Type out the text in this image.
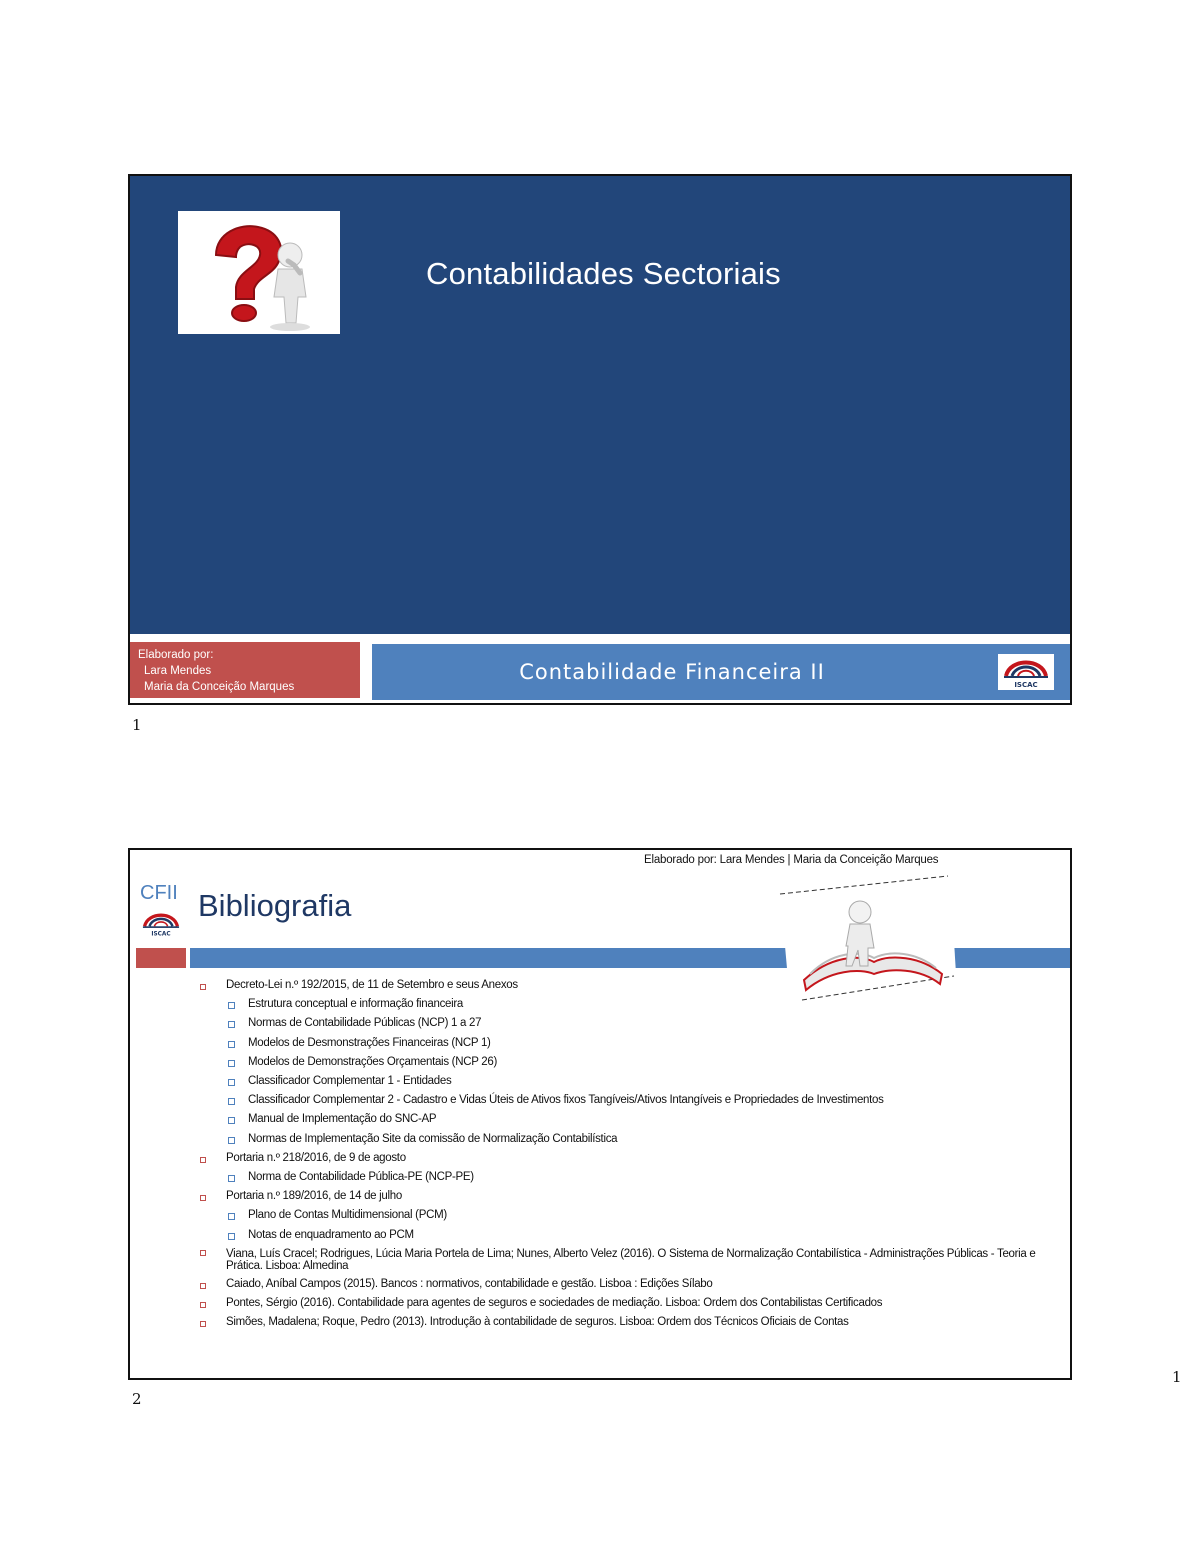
Contabilidades Sectoriais
Elaborado por:
Lara Mendes
Maria da Conceição Marques
Contabilidade Financeira II
ISCAC
1
Elaborado por: Lara Mendes | Maria da Conceição Marques
CFII
ISCAC
Bibliografia
Decreto-Lei n.º 192/2015, de 11 de Setembro e seus Anexos
Estrutura conceptual e informação financeira
Normas de Contabilidade Públicas (NCP) 1 a 27
Modelos de Desmonstrações Financeiras (NCP 1)
Modelos de Demonstrações Orçamentais (NCP 26)
Classificador Complementar 1 - Entidades
Classificador Complementar 2 - Cadastro e Vidas Úteis de Ativos fixos Tangíveis/Ativos Intangíveis e Propriedades de Investimentos
Manual de Implementação do SNC-AP
Normas de Implementação Site da comissão de Normalização Contabilística
Portaria n.º 218/2016, de 9 de agosto
Norma de Contabilidade Pública-PE (NCP-PE)
Portaria n.º 189/2016, de 14 de julho
Plano de Contas Multidimensional (PCM)
Notas de enquadramento ao PCM
Viana, Luís Cracel; Rodrigues, Lúcia Maria Portela de Lima; Nunes, Alberto Velez (2016). O Sistema de Normalização Contabilística - Administrações Públicas - Teoria e Prática. Lisboa: Almedina
Caiado, Aníbal Campos (2015). Bancos : normativos, contabilidade e gestão. Lisboa : Edições Sílabo
Pontes, Sérgio (2016). Contabilidade para agentes de seguros e sociedades de mediação. Lisboa: Ordem dos Contabilistas Certificados
Simões, Madalena; Roque, Pedro (2013). Introdução à contabilidade de seguros. Lisboa: Ordem dos Técnicos Oficiais de Contas
1
2
